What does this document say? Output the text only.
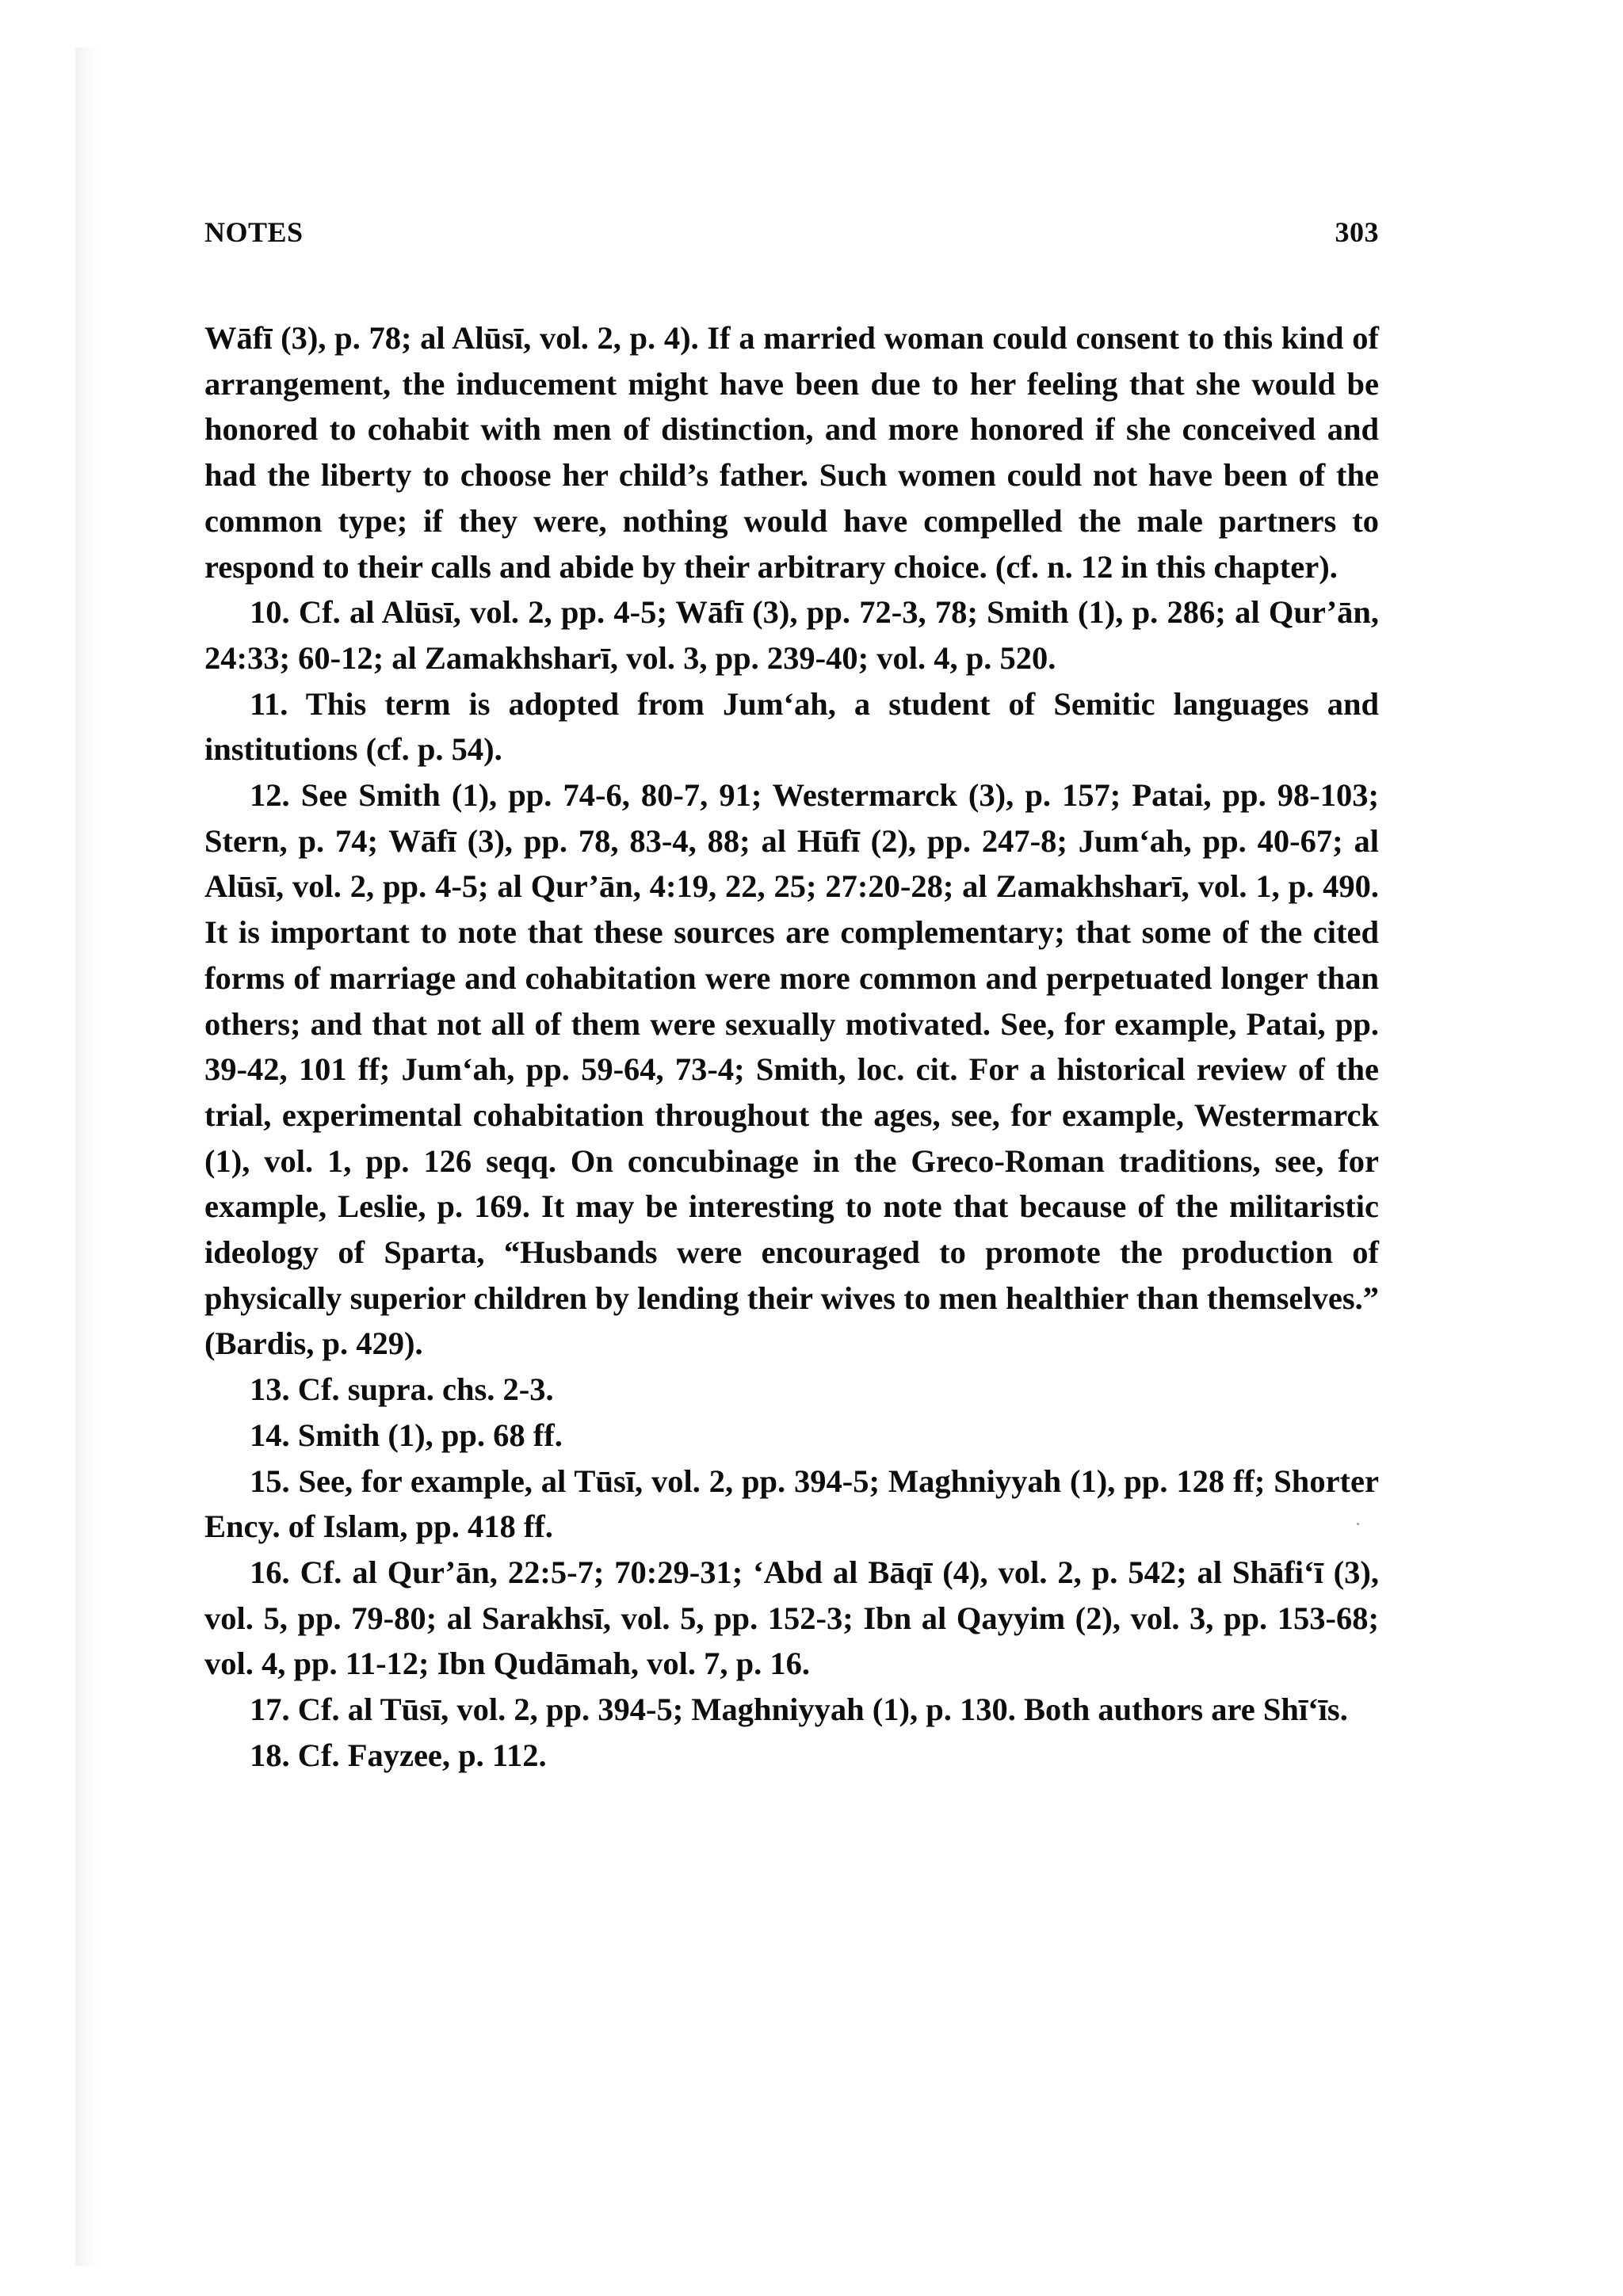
NOTES	303

Wāfī (3), p. 78; al Alūsī, vol. 2, p. 4). If a married woman could consent to this kind of arrangement, the inducement might have been due to her feeling that she would be honored to cohabit with men of distinction, and more honored if she conceived and had the liberty to choose her child’s father. Such women could not have been of the common type; if they were, nothing would have compelled the male partners to respond to their calls and abide by their arbitrary choice. (cf. n. 12 in this chapter).

10. Cf. al Alūsī, vol. 2, pp. 4-5; Wāfī (3), pp. 72-3, 78; Smith (1), p. 286; al Qur’ān, 24:33; 60-12; al Zamakhsharī, vol. 3, pp. 239-40; vol. 4, p. 520.

11. This term is adopted from Jum‘ah, a student of Semitic languages and institutions (cf. p. 54).

12. See Smith (1), pp. 74-6, 80-7, 91; Westermarck (3), p. 157; Patai, pp. 98-103; Stern, p. 74; Wāfī (3), pp. 78, 83-4, 88; al Hūfī (2), pp. 247-8; Jum‘ah, pp. 40-67; al Alūsī, vol. 2, pp. 4-5; al Qur’ān, 4:19, 22, 25; 27:20-28; al Zamakhsharī, vol. 1, p. 490. It is important to note that these sources are complementary; that some of the cited forms of marriage and cohabitation were more common and perpetuated longer than others; and that not all of them were sexually motivated. See, for example, Patai, pp. 39-42, 101 ff; Jum‘ah, pp. 59-64, 73-4; Smith, loc. cit. For a historical review of the trial, experimental cohabitation throughout the ages, see, for example, Westermarck (1), vol. 1, pp. 126 seqq. On concubinage in the Greco-Roman traditions, see, for example, Leslie, p. 169. It may be interesting to note that because of the militaristic ideology of Sparta, “Husbands were encouraged to promote the production of physically superior children by lending their wives to men healthier than themselves.” (Bardis, p. 429).

13. Cf. supra. chs. 2-3.

14. Smith (1), pp. 68 ff.

15. See, for example, al Tūsī, vol. 2, pp. 394-5; Maghniyyah (1), pp. 128 ff; Shorter Ency. of Islam, pp. 418 ff.

16. Cf. al Qur’ān, 22:5-7; 70:29-31; ‘Abd al Bāqī (4), vol. 2, p. 542; al Shāfi‘ī (3), vol. 5, pp. 79-80; al Sarakhsī, vol. 5, pp. 152-3; Ibn al Qayyim (2), vol. 3, pp. 153-68; vol. 4, pp. 11-12; Ibn Qudāmah, vol. 7, p. 16.

17. Cf. al Tūsī, vol. 2, pp. 394-5; Maghniyyah (1), p. 130. Both authors are Shī‘īs.

18. Cf. Fayzee, p. 112.
